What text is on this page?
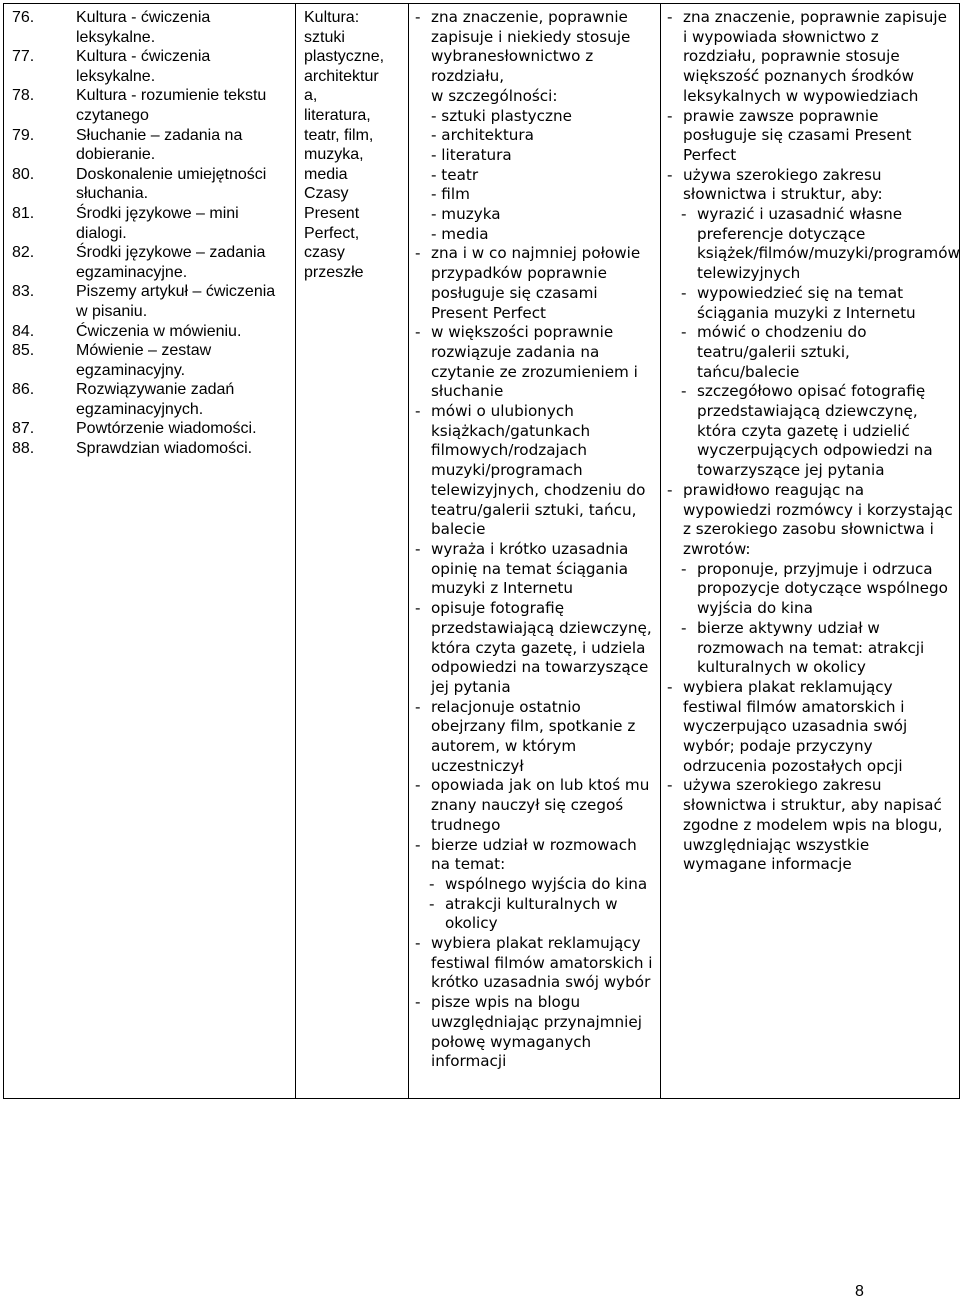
76.	Kultura - ćwiczenia leksykalne.
77.	Kultura - ćwiczenia leksykalne.
78.	Kultura - rozumienie tekstu czytanego
79.	Słuchanie – zadania na dobieranie.
80.	Doskonalenie umiejętności słuchania.
81.	Środki językowe – mini dialogi.
82.	Środki językowe – zadania egzaminacyjne.
83.	Piszemy artykuł – ćwiczenia w pisaniu.
84.	Ćwiczenia w mówieniu.
85.	Mówienie – zestaw egzaminacyjny.
86.	Rozwiązywanie zadań egzaminacyjnych.
87.	Powtórzenie wiadomości.
88.	Sprawdzian wiadomości.

Kultura:
sztuki
plastyczne,
architektur
a,
literatura,
teatr, film,
muzyka,
media
Czasy
Present
Perfect,
czasy
przeszłe

- zna znaczenie, poprawnie zapisuje i niekiedy stosuje wybranesłownictwo z rozdziału,
w szczególności:
- sztuki plastyczne
- architektura
- literatura
- teatr
- film
- muzyka
- media
- zna i w co najmniej połowie przypadków poprawnie posługuje się czasami Present Perfect
- w większości poprawnie rozwiązuje zadania na czytanie ze zrozumieniem i słuchanie
- mówi o ulubionych książkach/gatunkach filmowych/rodzajach muzyki/programach telewizyjnych, chodzeniu do teatru/galerii sztuki, tańcu, balecie
- wyraża i krótko uzasadnia opinię na temat ściągania muzyki z Internetu
- opisuje fotografię przedstawiającą dziewczynę, która czyta gazetę, i udziela odpowiedzi na towarzyszące jej pytania
- relacjonuje ostatnio obejrzany film, spotkanie z autorem, w którym uczestniczył
- opowiada jak on lub ktoś mu znany nauczył się czegoś trudnego
- bierze udział w rozmowach na temat:
- wspólnego wyjścia do kina
- atrakcji kulturalnych w okolicy
- wybiera plakat reklamujący festiwal filmów amatorskich i krótko uzasadnia swój wybór
- pisze wpis na blogu uwzględniając przynajmniej połowę wymaganych informacji

- zna znaczenie, poprawnie zapisuje i wypowiada słownictwo z rozdziału, poprawnie stosuje większość poznanych środków leksykalnych w wypowiedziach
- prawie zawsze poprawnie posługuje się czasami Present Perfect
- używa szerokiego zakresu słownictwa i struktur, aby:
- wyrazić i uzasadnić własne preferencje dotyczące książek/filmów/muzyki/programów telewizyjnych
- wypowiedzieć się na temat ściągania muzyki z Internetu
- mówić o chodzeniu do teatru/galerii sztuki, tańcu/balecie
- szczegółowo opisać fotografię przedstawiającą dziewczynę, która czyta gazetę i udzielić wyczerpujących odpowiedzi na towarzyszące jej pytania
- prawidłowo reagując na wypowiedzi rozmówcy i korzystając z szerokiego zasobu słownictwa i zwrotów:
- proponuje, przyjmuje i odrzuca propozycje dotyczące wspólnego wyjścia do kina
- bierze aktywny udział w rozmowach na temat: atrakcji kulturalnych w okolicy
- wybiera plakat reklamujący festiwal filmów amatorskich i wyczerpująco uzasadnia swój wybór; podaje przyczyny odrzucenia pozostałych opcji
- używa szerokiego zakresu słownictwa i struktur, aby napisać zgodne z modelem wpis na blogu, uwzględniając wszystkie wymagane informacje
8
